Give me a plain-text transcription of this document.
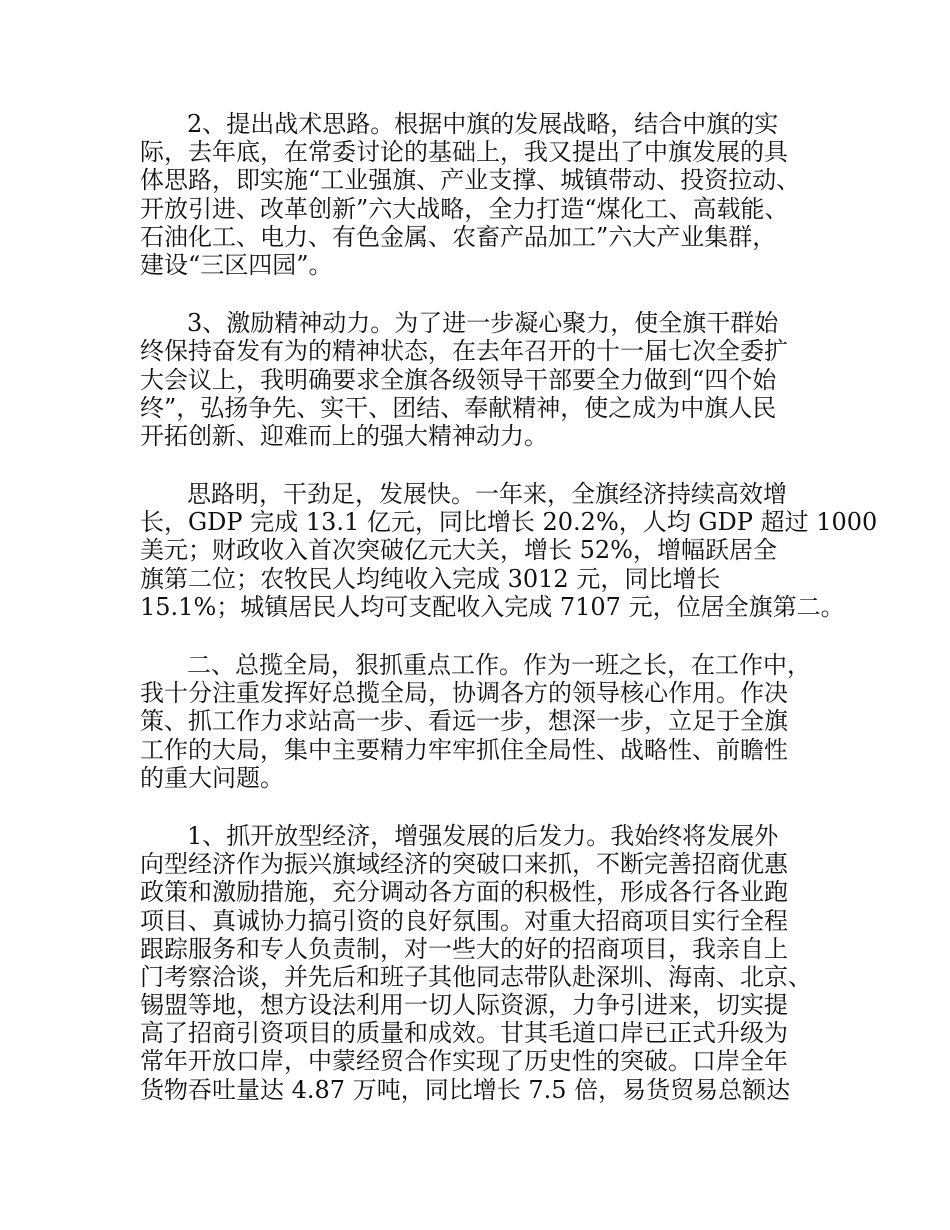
2、提出战术思路。根据中旗的发展战略，结合中旗的实
际，去年底，在常委讨论的基础上，我又提出了中旗发展的具
体思路，即实施“工业强旗、产业支撑、城镇带动、投资拉动、
开放引进、改革创新”六大战略，全力打造“煤化工、高载能、
石油化工、电力、有色金属、农畜产品加工”六大产业集群，
建设“三区四园”。
3、激励精神动力。为了进一步凝心聚力，使全旗干群始
终保持奋发有为的精神状态，在去年召开的十一届七次全委扩
大会议上，我明确要求全旗各级领导干部要全力做到“四个始
终”，弘扬争先、实干、团结、奉献精神，使之成为中旗人民
开拓创新、迎难而上的强大精神动力。
思路明，干劲足，发展快。一年来，全旗经济持续高效增
长，GDP 完成 13.1 亿元，同比增长 20.2%，人均 GDP 超过 1000
美元；财政收入首次突破亿元大关，增长 52%，增幅跃居全
旗第二位；农牧民人均纯收入完成 3012 元，同比增长
15.1%；城镇居民人均可支配收入完成 7107 元，位居全旗第二。
二、总揽全局，狠抓重点工作。作为一班之长，在工作中，
我十分注重发挥好总揽全局，协调各方的领导核心作用。作决
策、抓工作力求站高一步、看远一步，想深一步，立足于全旗
工作的大局，集中主要精力牢牢抓住全局性、战略性、前瞻性
的重大问题。
1、抓开放型经济，增强发展的后发力。我始终将发展外
向型经济作为振兴旗域经济的突破口来抓，不断完善招商优惠
政策和激励措施，充分调动各方面的积极性，形成各行各业跑
项目、真诚协力搞引资的良好氛围。对重大招商项目实行全程
跟踪服务和专人负责制，对一些大的好的招商项目，我亲自上
门考察洽谈，并先后和班子其他同志带队赴深圳、海南、北京、
锡盟等地，想方设法利用一切人际资源，力争引进来，切实提
高了招商引资项目的质量和成效。甘其毛道口岸已正式升级为
常年开放口岸，中蒙经贸合作实现了历史性的突破。口岸全年
货物吞吐量达 4.87 万吨，同比增长 7.5 倍，易货贸易总额达
